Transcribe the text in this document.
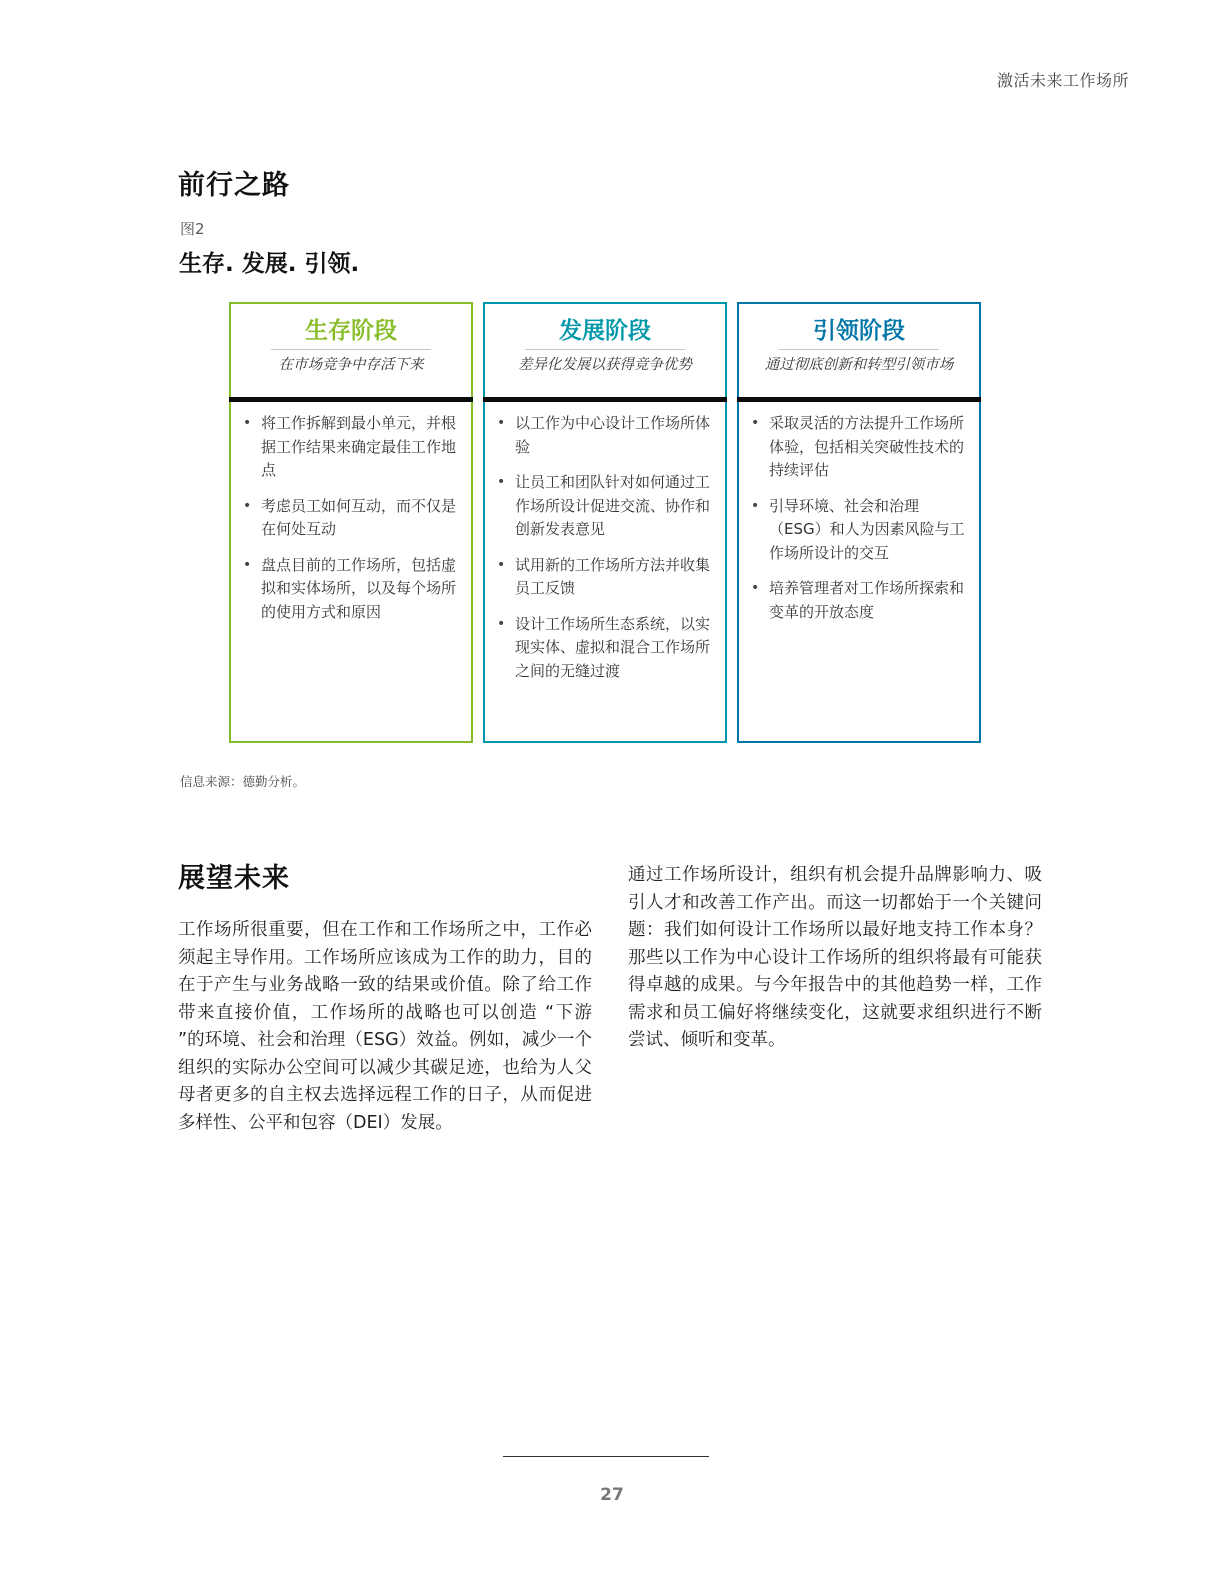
激活未来工作场所
前行之路
图2
生存. 发展. 引领.
生存阶段
在市场竞争中存活下来
• 将工作拆解到最小单元，并根据工作结果来确定最佳工作地点
• 考虑员工如何互动，而不仅是在何处互动
• 盘点目前的工作场所，包括虚拟和实体场所，以及每个场所的使用方式和原因
发展阶段
差异化发展以获得竞争优势
• 以工作为中心设计工作场所体验
• 让员工和团队针对如何通过工作场所设计促进交流、协作和创新发表意见
• 试用新的工作场所方法并收集员工反馈
• 设计工作场所生态系统，以实现实体、虚拟和混合工作场所之间的无缝过渡
引领阶段
通过彻底创新和转型引领市场
• 采取灵活的方法提升工作场所体验，包括相关突破性技术的持续评估
• 引导环境、社会和治理（ESG）和人为因素风险与工作场所设计的交互
• 培养管理者对工作场所探索和变革的开放态度
信息来源：德勤分析。
展望未来

工作场所很重要，但在工作和工作场所之中，工作必须起主导作用。工作场所应该成为工作的助力，目的在于产生与业务战略一致的结果或价值。除了给工作带来直接价值，工作场所的战略也可以创造 “下游 ”的环境、社会和治理（ESG）效益。例如，减少一个组织的实际办公空间可以减少其碳足迹，也给为人父母者更多的自主权去选择远程工作的日子，从而促进多样性、公平和包容（DEI）发展。

通过工作场所设计，组织有机会提升品牌影响力、吸引人才和改善工作产出。而这一切都始于一个关键问题：我们如何设计工作场所以最好地支持工作本身？那些以工作为中心设计工作场所的组织将最有可能获得卓越的成果。与今年报告中的其他趋势一样，工作需求和员工偏好将继续变化，这就要求组织进行不断尝试、倾听和变革。

27
